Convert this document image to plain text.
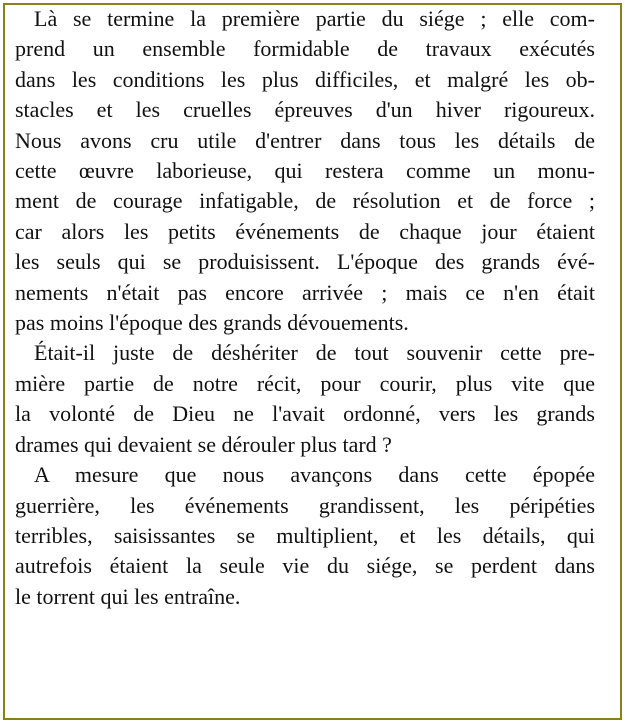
Là se termine la première partie du siége ; elle com-
prend un ensemble formidable de travaux exécutés
dans les conditions les plus difficiles, et malgré les ob-
stacles et les cruelles épreuves d'un hiver rigoureux.
Nous avons cru utile d'entrer dans tous les détails de
cette œuvre laborieuse, qui restera comme un monu-
ment de courage infatigable, de résolution et de force ;
car alors les petits événements de chaque jour étaient
les seuls qui se produisissent. L'époque des grands évé-
nements n'était pas encore arrivée ; mais ce n'en était
pas moins l'époque des grands dévouements.
Était-il juste de déshériter de tout souvenir cette pre-
mière partie de notre récit, pour courir, plus vite que
la volonté de Dieu ne l'avait ordonné, vers les grands
drames qui devaient se dérouler plus tard ?
A mesure que nous avançons dans cette épopée
guerrière, les événements grandissent, les péripéties
terribles, saisissantes se multiplient, et les détails, qui
autrefois étaient la seule vie du siége, se perdent dans
le torrent qui les entraîne.
